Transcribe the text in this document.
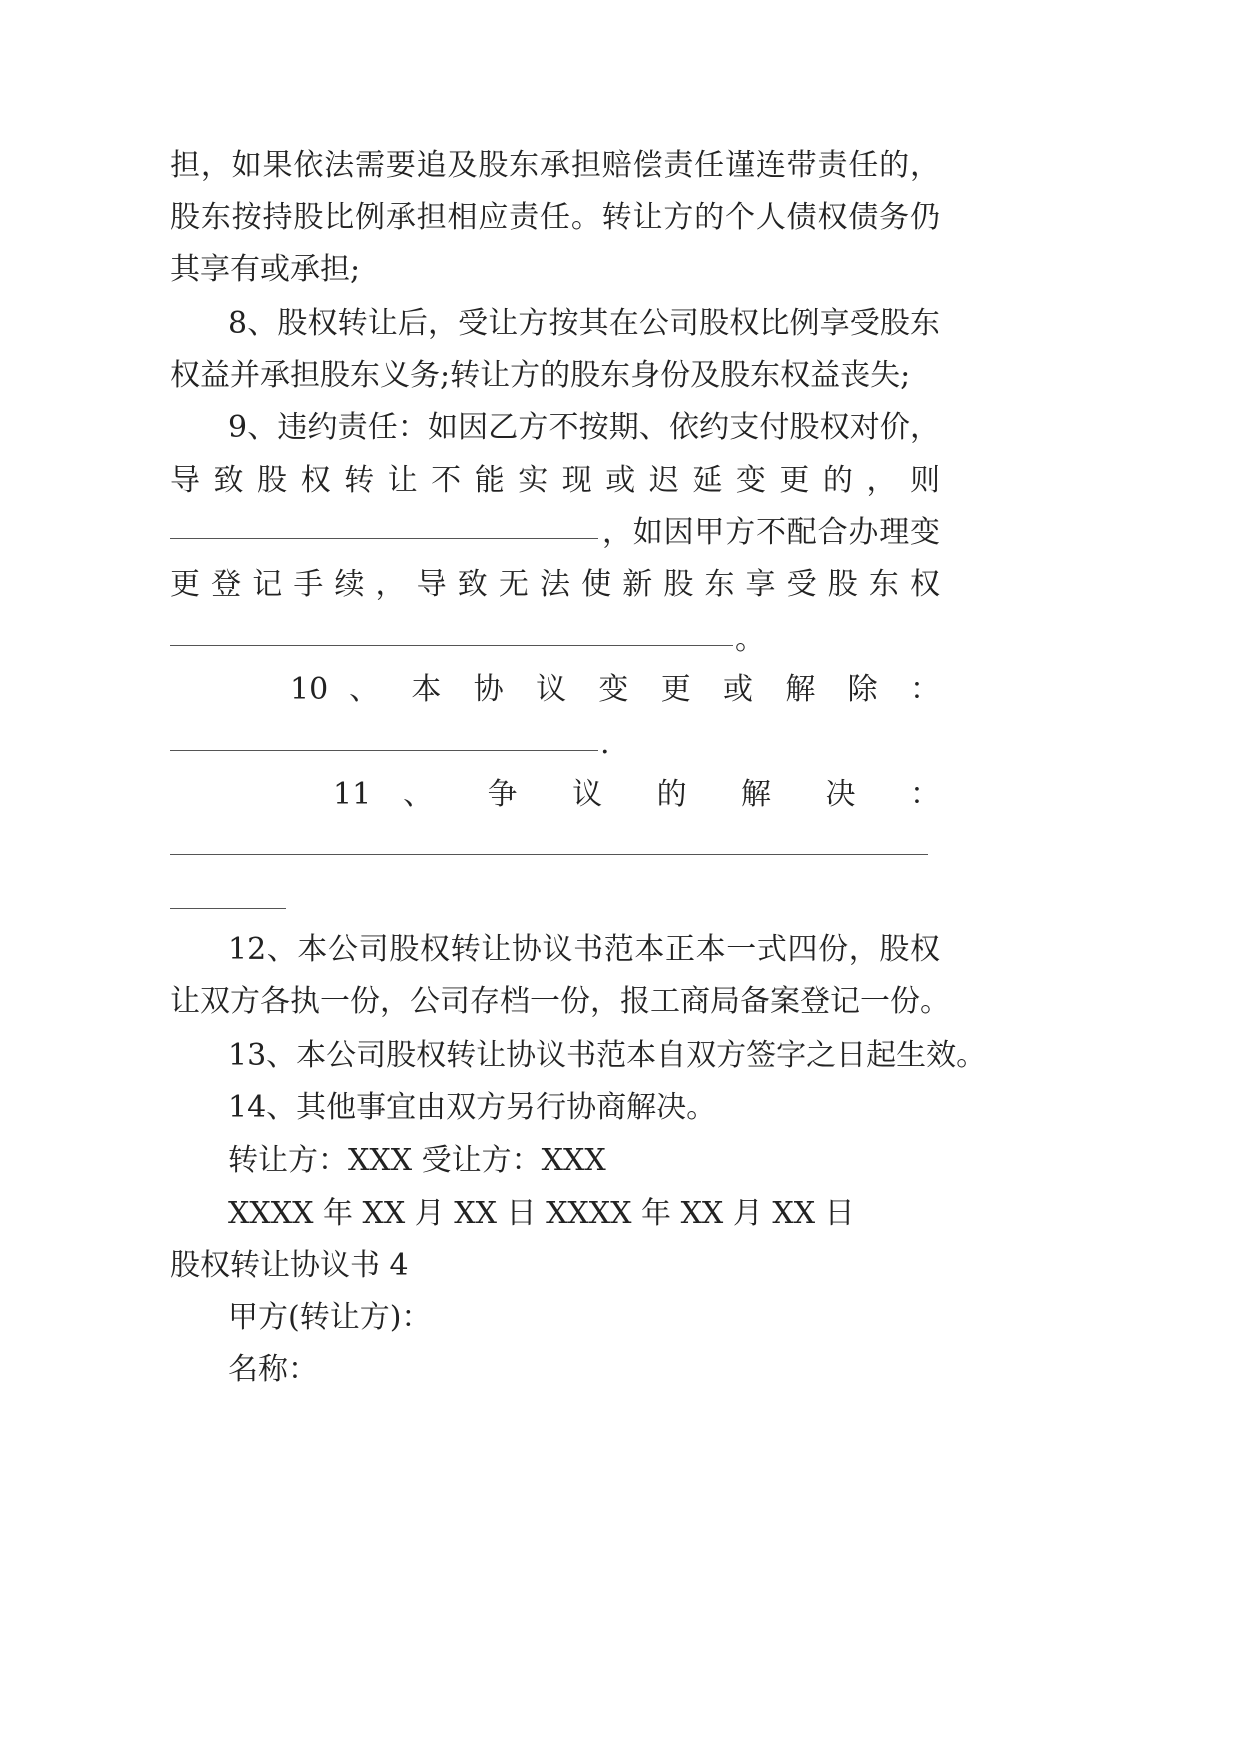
担，如果依法需要追及股东承担赔偿责任谨连带责任的，
股东按持股比例承担相应责任。转让方的个人债权债务仍
其享有或承担;
8、股权转让后，受让方按其在公司股权比例享受股东
权益并承担股东义务;转让方的股东身份及股东权益丧失;
9、违约责任：如因乙方不按期、依约支付股权对价，
导 致 股 权 转 让 不 能 实 现 或 迟 延 变 更 的 ， 则
，如因甲方不配合办理变
更 登 记 手 续 ， 导 致 无 法 使 新 股 东 享 受 股 东 权
。
10 、 本 协 议 变 更 或 解 除 ：
.
11 、 争 议 的 解 决 ：
12、本公司股权转让协议书范本正本一式四份，股权
让双方各执一份，公司存档一份，报工商局备案登记一份。
13、本公司股权转让协议书范本自双方签字之日起生效。
14、其他事宜由双方另行协商解决。
转让方：XXX 受让方：XXX
XXXX 年 XX 月 XX 日 XXXX 年 XX 月 XX 日
股权转让协议书 4
甲方(转让方)：
名称：
